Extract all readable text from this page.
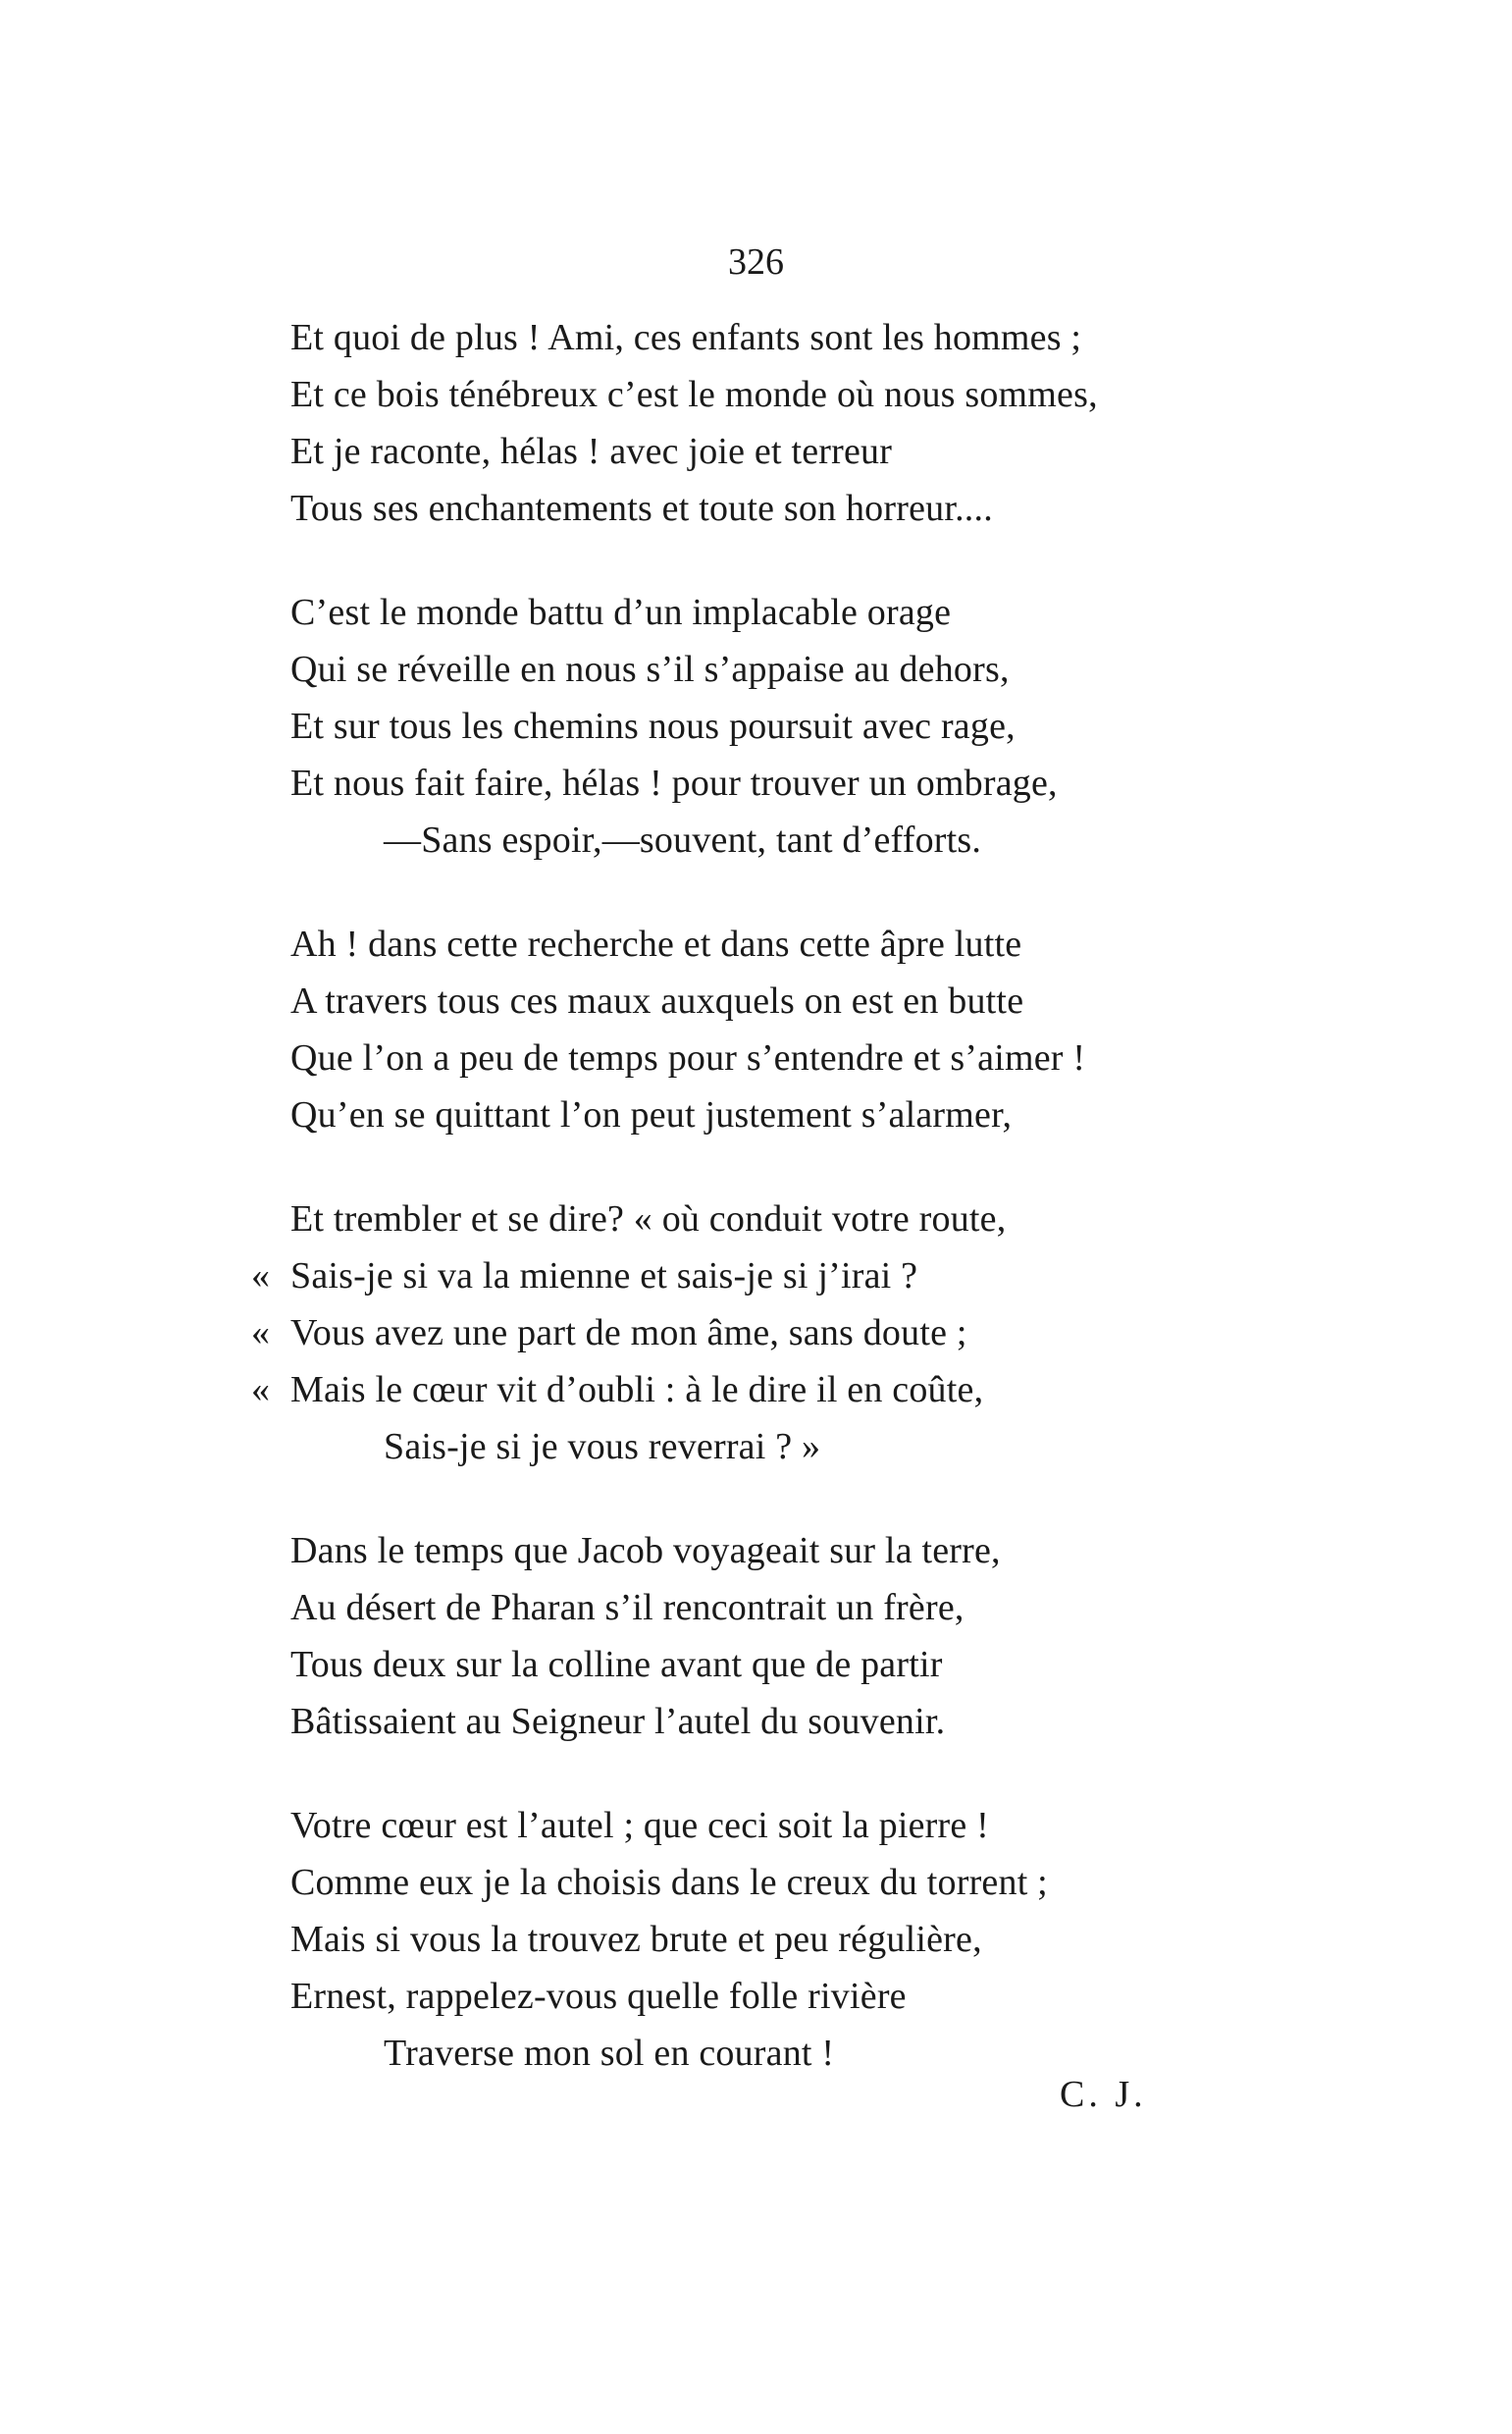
326
Et quoi de plus ! Ami, ces enfants sont les hommes ;
Et ce bois ténébreux c’est le monde où nous sommes,
Et je raconte, hélas ! avec joie et terreur
Tous ses enchantements et toute son horreur....
C’est le monde battu d’un implacable orage
Qui se réveille en nous s’il s’appaise au dehors,
Et sur tous les chemins nous poursuit avec rage,
Et nous fait faire, hélas ! pour trouver un ombrage,
—Sans espoir,—souvent, tant d’efforts.
Ah ! dans cette recherche et dans cette âpre lutte
A travers tous ces maux auxquels on est en butte
Que l’on a peu de temps pour s’entendre et s’aimer !
Qu’en se quittant l’on peut justement s’alarmer,
Et trembler et se dire? « où conduit votre route,
« Sais-je si va la mienne et sais-je si j’irai ?
« Vous avez une part de mon âme, sans doute ;
« Mais le cœur vit d’oubli : à le dire il en coûte,
Sais-je si je vous reverrai ? »
Dans le temps que Jacob voyageait sur la terre,
Au désert de Pharan s’il rencontrait un frère,
Tous deux sur la colline avant que de partir
Bâtissaient au Seigneur l’autel du souvenir.
Votre cœur est l’autel ; que ceci soit la pierre !
Comme eux je la choisis dans le creux du torrent ;
Mais si vous la trouvez brute et peu régulière,
Ernest, rappelez-vous quelle folle rivière
Traverse mon sol en courant !
C. J.
